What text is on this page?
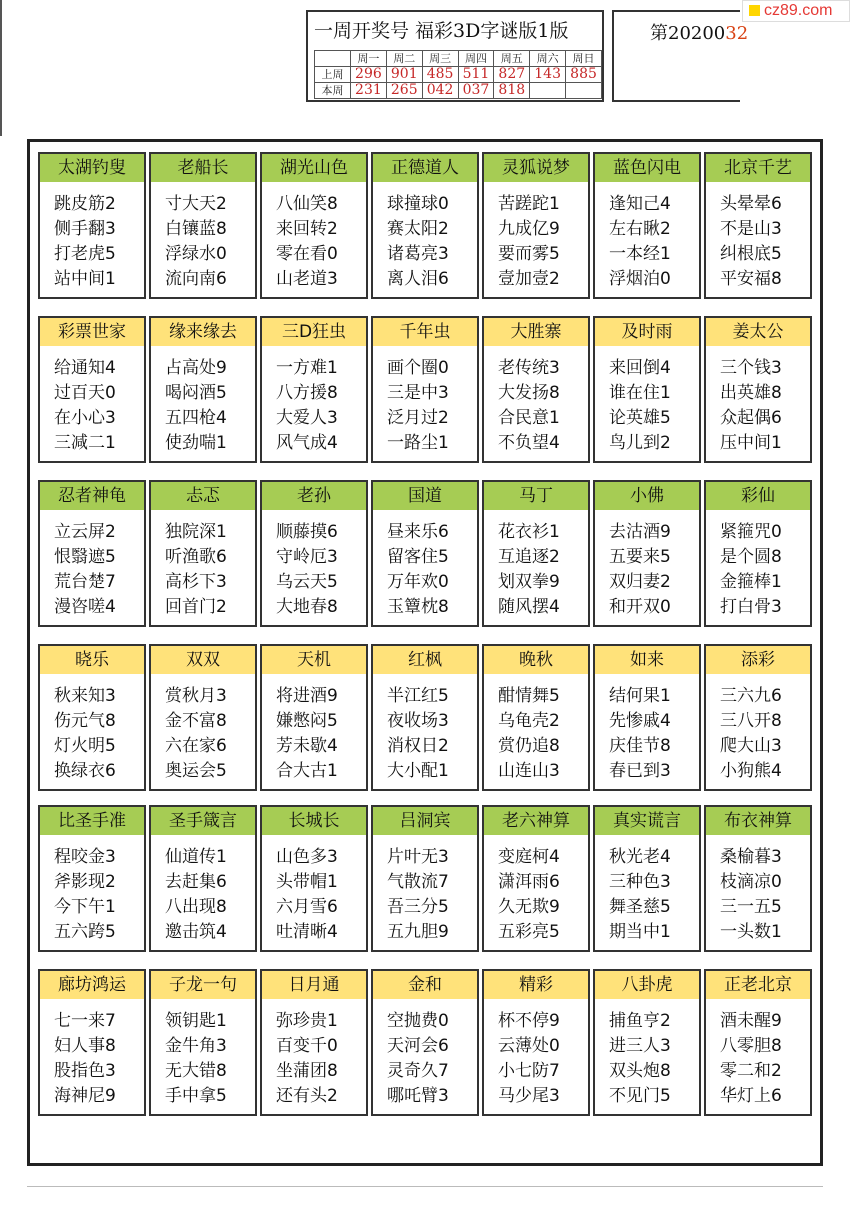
一周开奖号 福彩3D字谜版1版
	周一	周二	周三	周四	周五	周六	周日
上周	296	901	485	511	827	143	885
本周	231	265	042	037	818		
第2020032
cz89.com
太湖钓叟
跳皮筋2
侧手翻3
打老虎5
站中间1
老船长
寸大天2
白镶蓝8
浮绿水0
流向南6
湖光山色
八仙笑8
来回转2
零在看0
山老道3
正德道人
球撞球0
赛太阳2
诸葛亮3
离人泪6
灵狐说梦
苦蹉跎1
九成亿9
要而雾5
壹加壹2
蓝色闪电
逢知己4
左右瞅2
一本经1
浮烟泊0
北京千艺
头晕晕6
不是山3
纠根底5
平安福8
彩票世家
给通知4
过百天0
在小心3
三减二1
缘来缘去
占高处9
喝闷酒5
五四枪4
使劲喘1
三D狂虫
一方难1
八方援8
大爱人3
风气成4
千年虫
画个圈0
三是中3
泛月过2
一路尘1
大胜寨
老传统3
大发扬8
合民意1
不负望4
及时雨
来回倒4
谁在住1
论英雄5
鸟儿到2
姜太公
三个钱3
出英雄8
众起偶6
压中间1
忍者神龟
立云屏2
恨翳遮5
荒台楚7
漫咨嗟4
忐忑
独院深1
听渔歌6
高杉下3
回首门2
老孙
顺藤摸6
守岭厄3
乌云天5
大地春8
国道
昼来乐6
留客住5
万年欢0
玉簟枕8
马丁
花衣衫1
互追逐2
划双拳9
随风摆4
小佛
去沽酒9
五要来5
双归妻2
和开双0
彩仙
紧箍咒0
是个圆8
金箍棒1
打白骨3
晓乐
秋来知3
伤元气8
灯火明5
换绿衣6
双双
赏秋月3
金不富8
六在家6
奥运会5
天机
将进酒9
嫌憋闷5
芳未歇4
合大古1
红枫
半江红5
夜收场3
消权日2
大小配1
晚秋
酣情舞5
乌龟壳2
赏仍追8
山连山3
如来
结何果1
先惨戚4
庆佳节8
春已到3
添彩
三六九6
三八开8
爬大山3
小狗熊4
比圣手准
程咬金3
斧影现2
今下午1
五六跨5
圣手箴言
仙道传1
去赶集6
八出现8
邀击筑4
长城长
山色多3
头带帽1
六月雪6
吐清晰4
吕洞宾
片叶无3
气散流7
吾三分5
五九胆9
老六神算
变庭柯4
潇洱雨6
久无欺9
五彩亮5
真实谎言
秋光老4
三种色3
舞圣慈5
期当中1
布衣神算
桑榆暮3
枝滴凉0
三一五5
一头数1
廊坊鸿运
七一来7
妇人事8
股指色3
海神尼9
子龙一句
领钥匙1
金牛角3
无大错8
手中拿5
日月通
弥珍贵1
百变千0
坐蒲团8
还有头2
金和
空抛费0
天河会6
灵奇久7
哪吒臂3
精彩
杯不停9
云薄处0
小七防7
马少尾3
八卦虎
捕鱼亨2
进三人3
双头炮8
不见门5
正老北京
酒未醒9
八零胆8
零二和2
华灯上6
